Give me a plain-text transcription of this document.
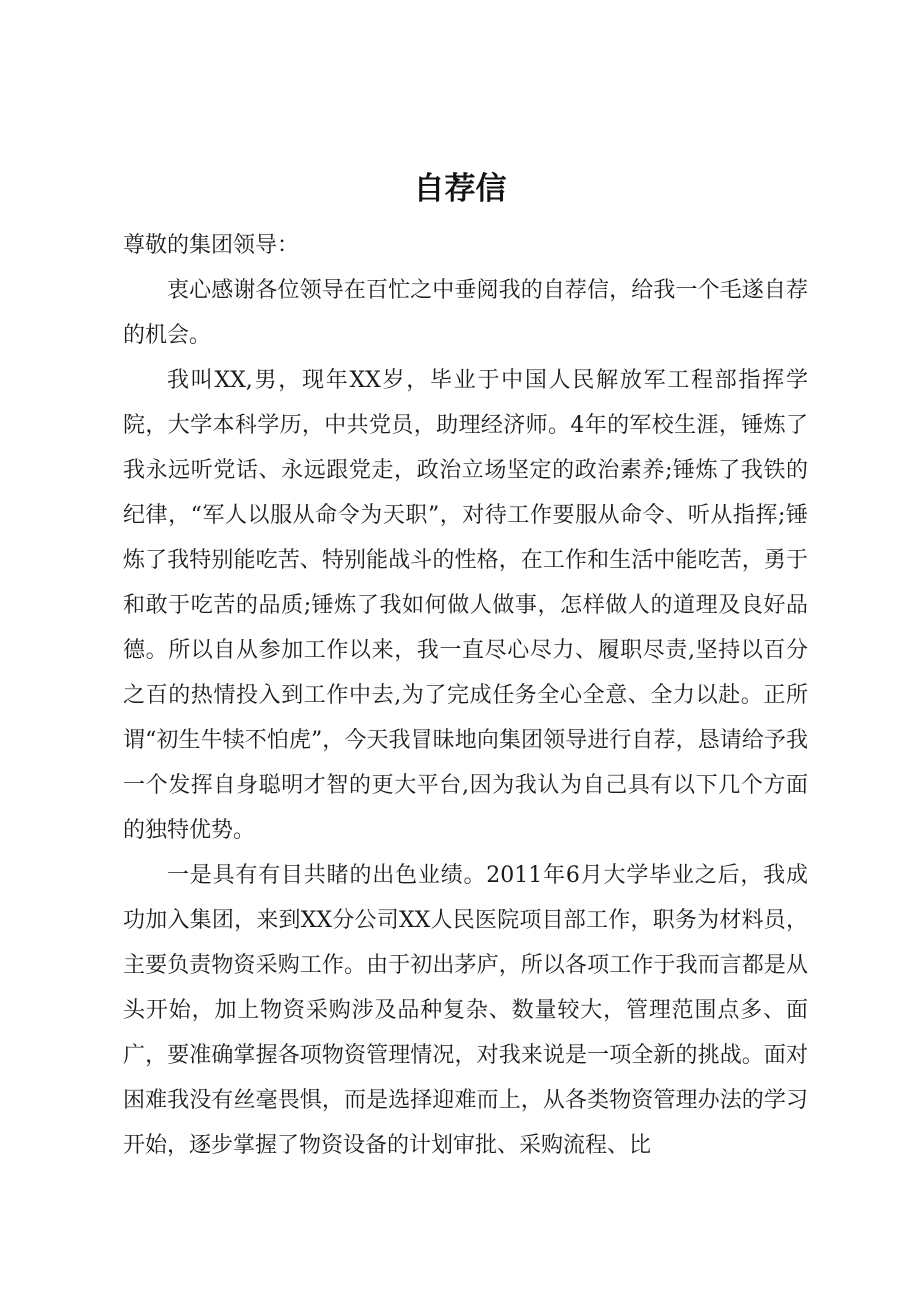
自荐信

尊敬的集团领导：

衷心感谢各位领导在百忙之中垂阅我的自荐信，给我一个毛遂自荐的机会。

我叫XX,男，现年XX岁，毕业于中国人民解放军工程部指挥学院，大学本科学历，中共党员，助理经济师。4年的军校生涯，锤炼了我永远听党话、永远跟党走，政治立场坚定的政治素养;锤炼了我铁的纪律，“军人以服从命令为天职”，对待工作要服从命令、听从指挥;锤炼了我特别能吃苦、特别能战斗的性格，在工作和生活中能吃苦，勇于和敢于吃苦的品质;锤炼了我如何做人做事，怎样做人的道理及良好品德。所以自从参加工作以来，我一直尽心尽力、履职尽责,坚持以百分之百的热情投入到工作中去,为了完成任务全心全意、全力以赴。正所谓“初生牛犊不怕虎”，今天我冒昧地向集团领导进行自荐，恳请给予我一个发挥自身聪明才智的更大平台,因为我认为自己具有以下几个方面的独特优势。

一是具有有目共睹的出色业绩。2011年6月大学毕业之后，我成功加入集团，来到XX分公司XX人民医院项目部工作，职务为材料员，主要负责物资采购工作。由于初出茅庐，所以各项工作于我而言都是从头开始，加上物资采购涉及品种复杂、数量较大，管理范围点多、面广，要准确掌握各项物资管理情况，对我来说是一项全新的挑战。面对困难我没有丝毫畏惧，而是选择迎难而上，从各类物资管理办法的学习开始，逐步掌握了物资设备的计划审批、采购流程、比
